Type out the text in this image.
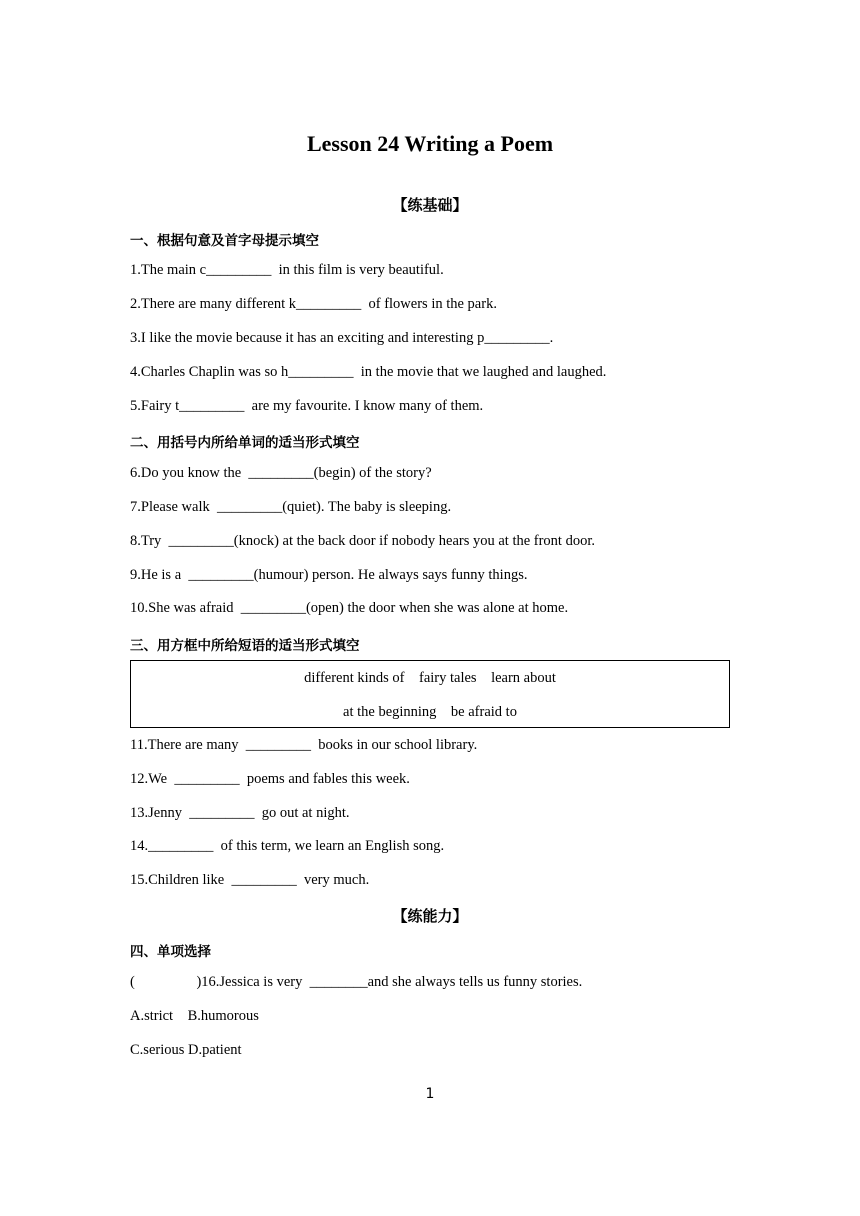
Lesson 24 Writing a Poem
【练基础】
一、根据句意及首字母提示填空
1.The main c_________  in this film is very beautiful.
2.There are many different k_________  of flowers in the park.
3.I like the movie because it has an exciting and interesting p_________.
4.Charles Chaplin was so h_________  in the movie that we laughed and laughed.
5.Fairy t_________  are my favourite. I know many of them.
二、用括号内所给单词的适当形式填空
6.Do you know the  _________(begin) of the story?
7.Please walk  _________(quiet). The baby is sleeping.
8.Try  _________(knock) at the back door if nobody hears you at the front door.
9.He is a  _________(humour) person. He always says funny things.
10.She was afraid  _________(open) the door when she was alone at home.
三、用方框中所给短语的适当形式填空
different kinds of    fairy tales    learn about
at the beginning    be afraid to
11.There are many  _________  books in our school library.
12.We  _________  poems and fables this week.
13.Jenny  _________  go out at night.
14._________  of this term, we learn an English song.
15.Children like  _________  very much.
【练能力】
四、单项选择
(                 )16.Jessica is very  ________and she always tells us funny stories.
A.strict    B.humorous
C.serious D.patient
1
